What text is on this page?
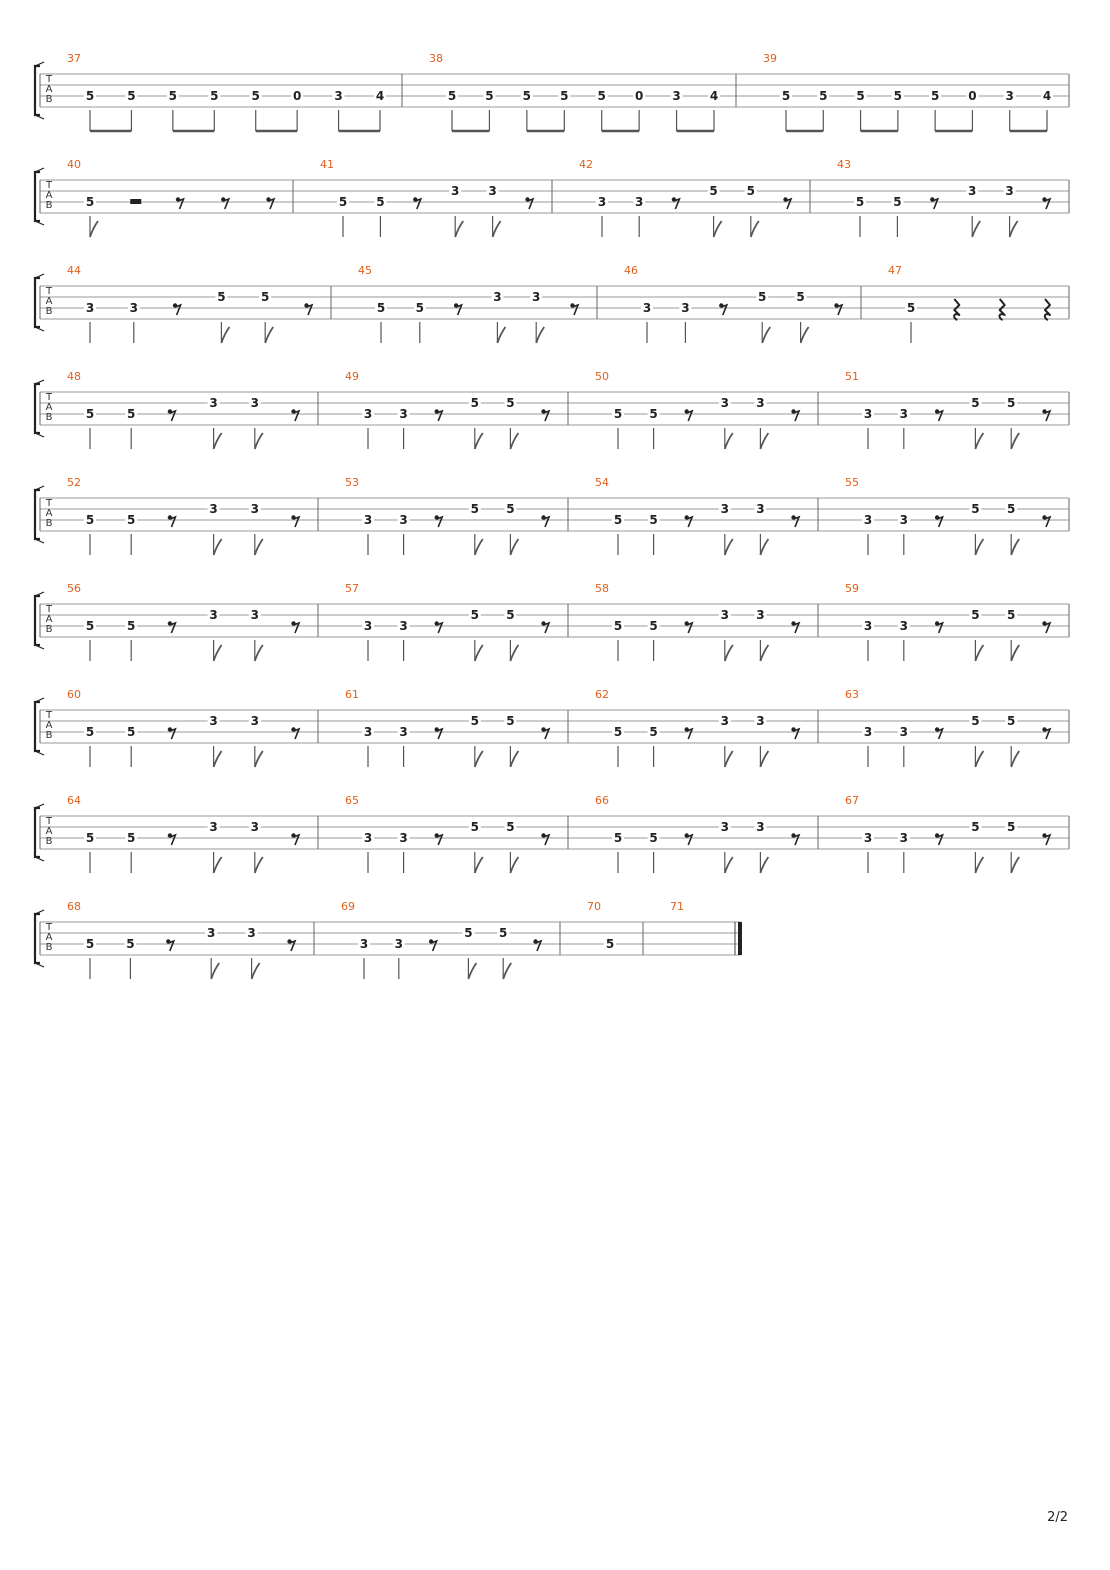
T
A
B
37
5	5	5	5	5	0	3	4
38
5 5 5 5 5 0 3 4
39
5 5 5 5 5 0 3 4
T
A
B
40
5
41
5 5
3 3
42
3 3
5 5
43
5 5
3 3
T
A
B
44
3	3
5	5
45
5	5
3	3
46
3	3
5	5
47
5
T
A
B
48
5	5
3	3
49
3 3
5 5
50
5 5
3 3
51
3 3
5 5
T
A
B
52
5	5
3	3
53
3 3
5 5
54
5 5
3 3
55
3 3
5 5
T
A
B
56
5	5
3	3
57
3 3
5 5
58
5 5
3 3
59
3 3
5 5
T
A
B
60
5	5
3	3
61
3 3
5 5
62
5 5
3 3
63
3 3
5 5
T
A
B
64
5	5
3	3
65
3 3
5 5
66
5 5
3 3
67
3 3
5 5
T
A
B
68
5	5
3	3
69
3 3
5 5
70
5
71
2/2
